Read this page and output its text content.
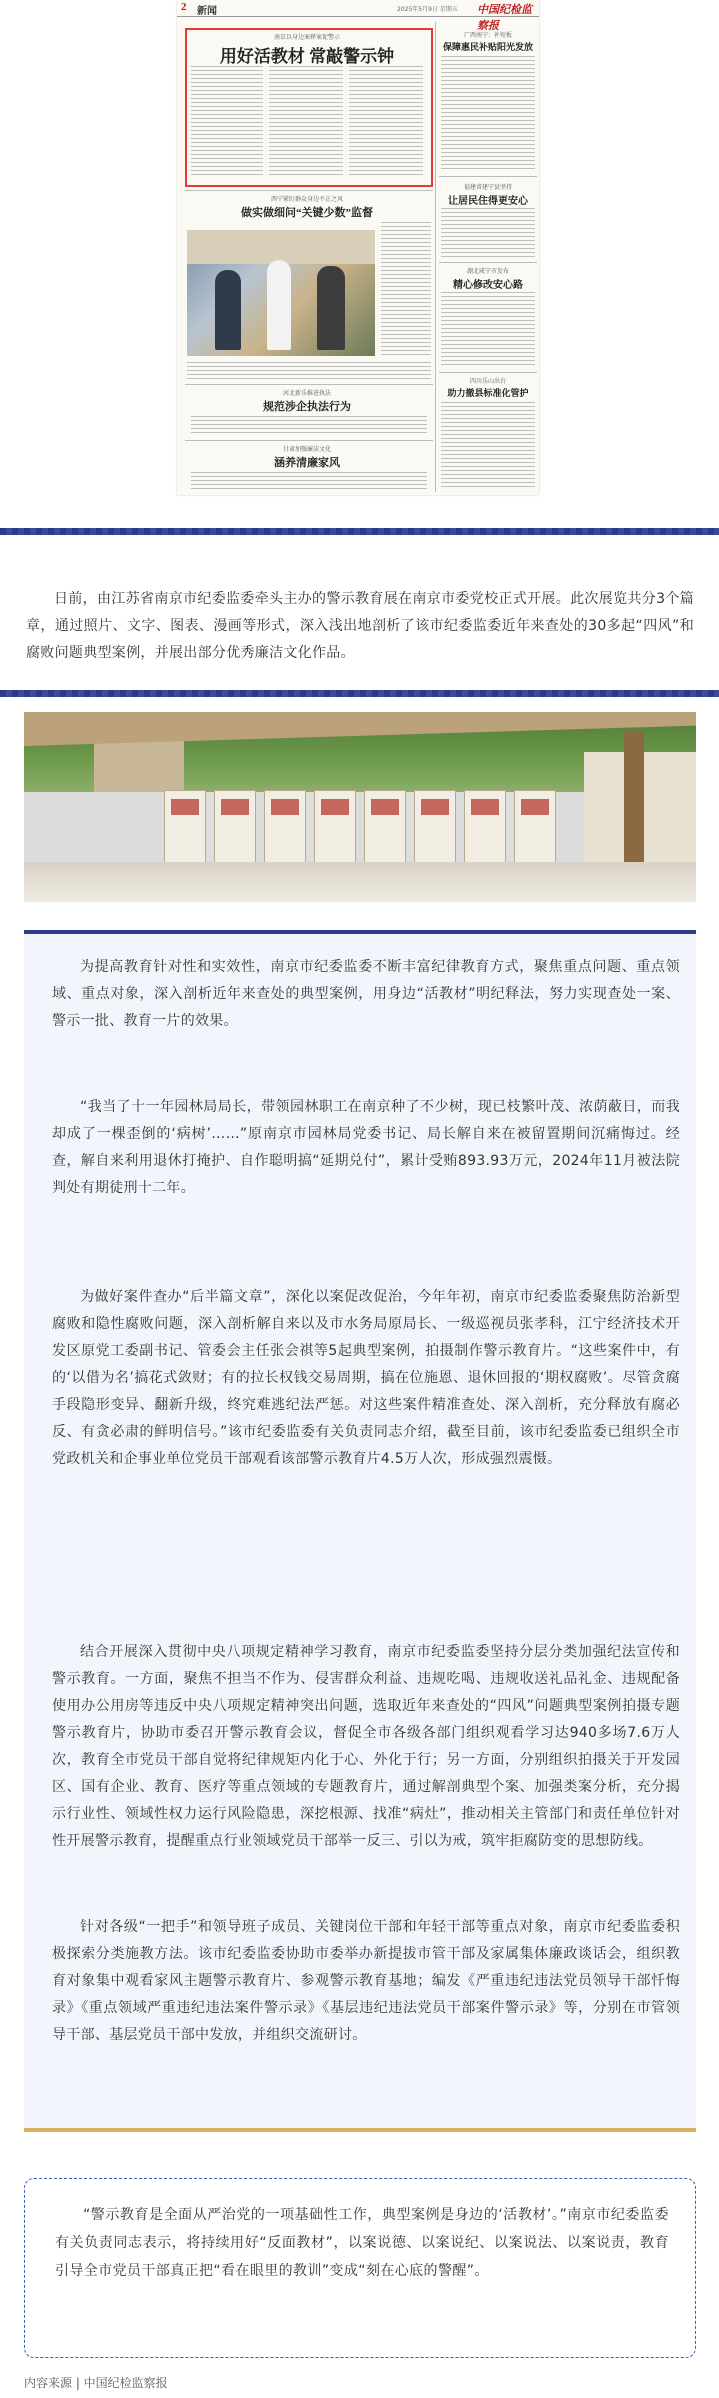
2 新闻	2025年5月9日 星期五 中国纪检监察报
南京以身边案释案促警示
用好活教材 常敲警示钟
广西南宁：补短板
保障惠民补贴阳光发放
西宁紧盯群众身边不正之风
做实做细问“关键少数”监督
福建省建宁县坚持
让居民住得更安心
湖北咸宁市发布
精心修改安心路
河北新乐推进执法
规范涉企执法行为
甘肃加强廉洁文化
涵养清廉家风
四川乐山出台
助力撤县标准化管护
日前，由江苏省南京市纪委监委牵头主办的警示教育展在南京市委党校正式开展。此次展览共分3个篇章，通过照片、文字、图表、漫画等形式，深入浅出地剖析了该市纪委监委近年来查处的30多起“四风”和腐败问题典型案例，并展出部分优秀廉洁文化作品。

为提高教育针对性和实效性，南京市纪委监委不断丰富纪律教育方式，聚焦重点问题、重点领域、重点对象，深入剖析近年来查处的典型案例，用身边“活教材”明纪释法，努力实现查处一案、警示一批、教育一片的效果。

“我当了十一年园林局局长，带领园林职工在南京种了不少树，现已枝繁叶茂、浓荫蔽日，而我却成了一棵歪倒的‘病树’……”原南京市园林局党委书记、局长解自来在被留置期间沉痛悔过。经查，解自来利用退休打掩护、自作聪明搞“延期兑付”，累计受贿893.93万元，2024年11月被法院判处有期徒刑十二年。

为做好案件查办“后半篇文章”，深化以案促改促治，今年年初，南京市纪委监委聚焦防治新型腐败和隐性腐败问题，深入剖析解自来以及市水务局原局长、一级巡视员张孝科，江宁经济技术开发区原党工委副书记、管委会主任张会祺等5起典型案例，拍摄制作警示教育片。“这些案件中，有的‘以借为名’搞花式敛财；有的拉长权钱交易周期，搞在位施恩、退休回报的‘期权腐败’。尽管贪腐手段隐形变异、翻新升级，终究难逃纪法严惩。对这些案件精准查处、深入剖析，充分释放有腐必反、有贪必肃的鲜明信号。”该市纪委监委有关负责同志介绍，截至目前，该市纪委监委已组织全市党政机关和企事业单位党员干部观看该部警示教育片4.5万人次，形成强烈震慑。

结合开展深入贯彻中央八项规定精神学习教育，南京市纪委监委坚持分层分类加强纪法宣传和警示教育。一方面，聚焦不担当不作为、侵害群众利益、违规吃喝、违规收送礼品礼金、违规配备使用办公用房等违反中央八项规定精神突出问题，选取近年来查处的“四风”问题典型案例拍摄专题警示教育片，协助市委召开警示教育会议，督促全市各级各部门组织观看学习达940多场7.6万人次，教育全市党员干部自觉将纪律规矩内化于心、外化于行；另一方面，分别组织拍摄关于开发园区、国有企业、教育、医疗等重点领域的专题教育片，通过解剖典型个案、加强类案分析，充分揭示行业性、领域性权力运行风险隐患，深挖根源、找准“病灶”，推动相关主管部门和责任单位针对性开展警示教育，提醒重点行业领域党员干部举一反三、引以为戒，筑牢拒腐防变的思想防线。

针对各级“一把手”和领导班子成员、关键岗位干部和年轻干部等重点对象，南京市纪委监委积极探索分类施教方法。该市纪委监委协助市委举办新提拔市管干部及家属集体廉政谈话会，组织教育对象集中观看家风主题警示教育片、参观警示教育基地；编发《严重违纪违法党员领导干部忏悔录》《重点领域严重违纪违法案件警示录》《基层违纪违法党员干部案件警示录》等，分别在市管领导干部、基层党员干部中发放，并组织交流研讨。

“警示教育是全面从严治党的一项基础性工作，典型案例是身边的‘活教材’。”南京市纪委监委有关负责同志表示，将持续用好“反面教材”，以案说德、以案说纪、以案说法、以案说责，教育引导全市党员干部真正把“看在眼里的教训”变成“刻在心底的警醒”。

内容来源 | 中国纪检监察报
